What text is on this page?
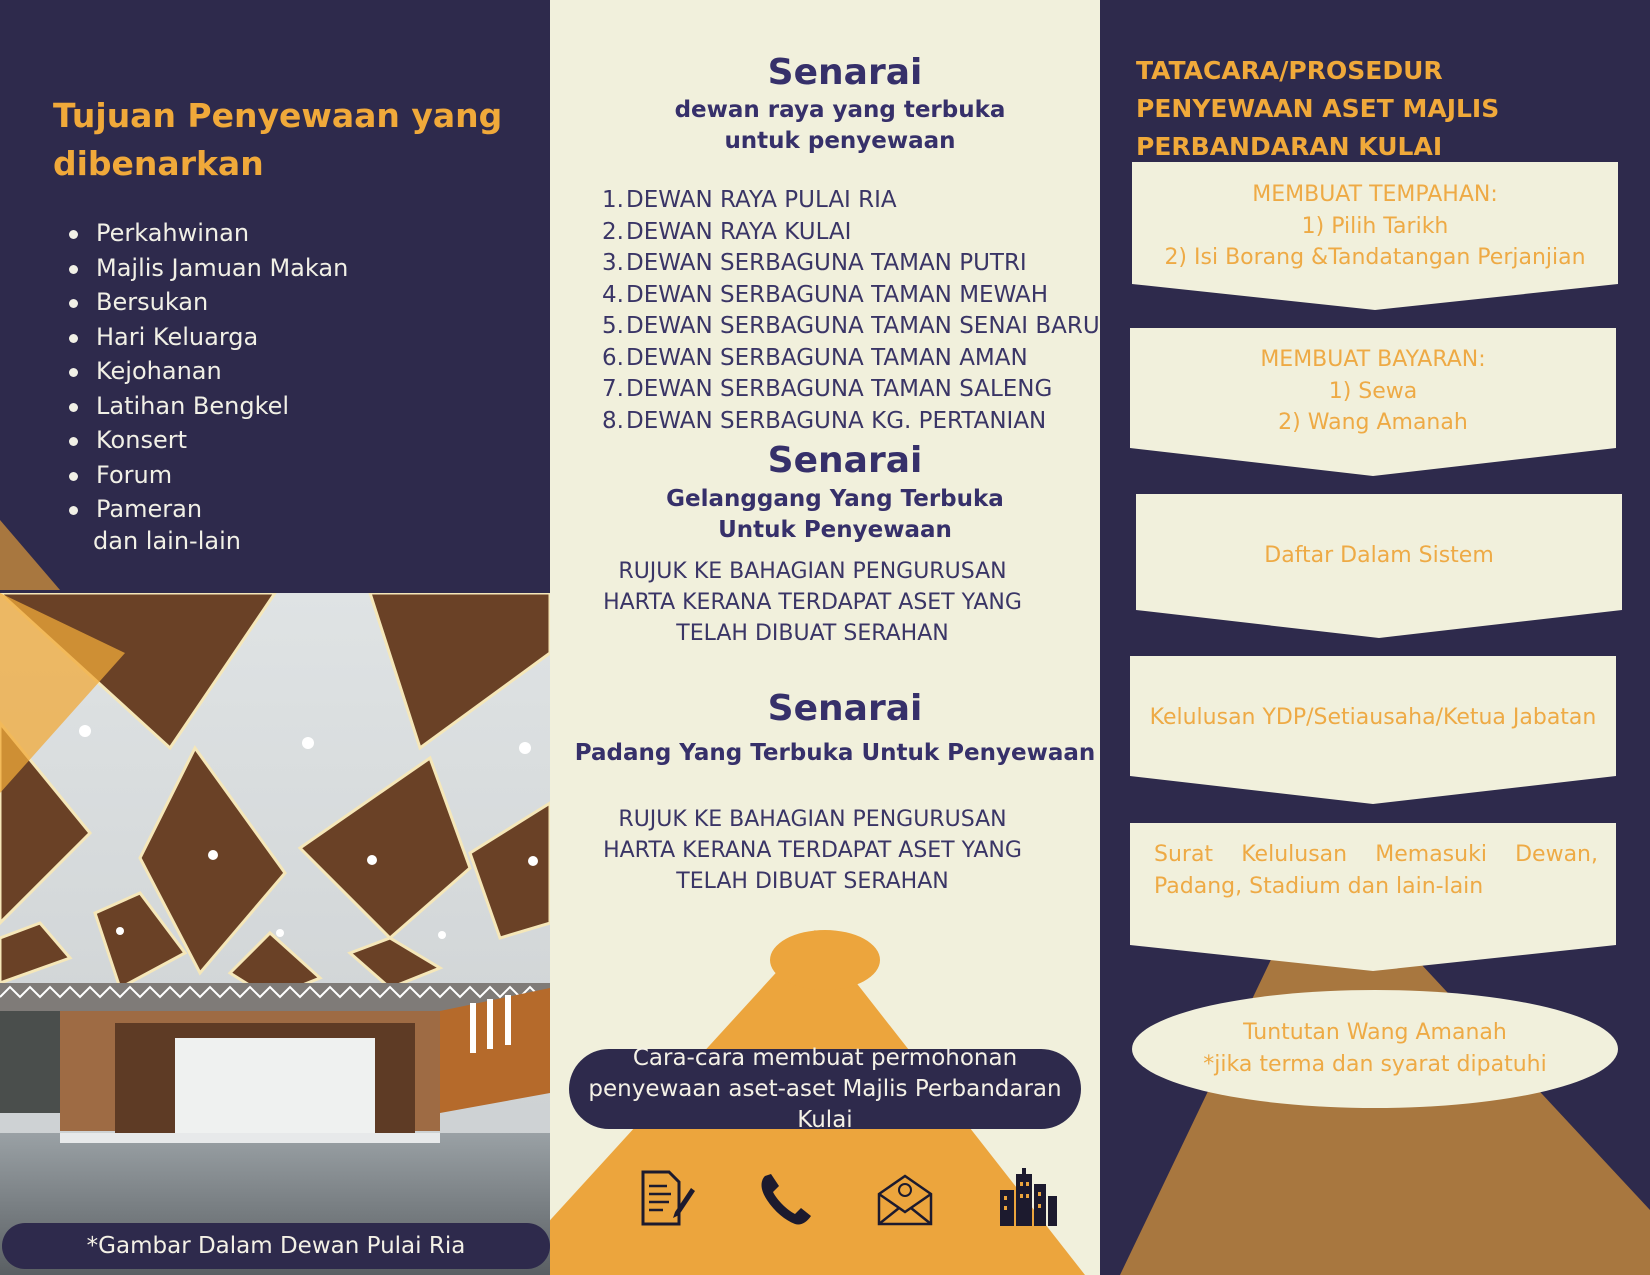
Tujuan Penyewaan yang dibenarkan
Perkahwinan
Majlis Jamuan Makan
Bersukan
Hari Keluarga
Kejohanan
Latihan Bengkel
Konsert
Forum
Pameran
dan lain-lain
*Gambar Dalam Dewan Pulai Ria
Senarai
dewan raya yang terbuka untuk penyewaan
1.DEWAN RAYA PULAI RIA
2.DEWAN RAYA KULAI
3.DEWAN SERBAGUNA TAMAN PUTRI
4.DEWAN SERBAGUNA TAMAN MEWAH
5.DEWAN SERBAGUNA TAMAN SENAI BARU
6.DEWAN SERBAGUNA TAMAN AMAN
7.DEWAN SERBAGUNA TAMAN SALENG
8.DEWAN SERBAGUNA KG. PERTANIAN
Senarai
Gelanggang Yang Terbuka Untuk Penyewaan
RUJUK KE BAHAGIAN PENGURUSAN HARTA KERANA TERDAPAT ASET YANG TELAH DIBUAT SERAHAN
Senarai
Padang Yang Terbuka Untuk Penyewaan
RUJUK KE BAHAGIAN PENGURUSAN HARTA KERANA TERDAPAT ASET YANG TELAH DIBUAT SERAHAN
Cara-cara membuat permohonan penyewaan aset-aset Majlis Perbandaran Kulai
TATACARA/PROSEDUR PENYEWAAN ASET MAJLIS PERBANDARAN KULAI
MEMBUAT TEMPAHAN:
1) Pilih Tarikh
2) Isi Borang &Tandatangan Perjanjian
MEMBUAT BAYARAN:
1) Sewa
2) Wang Amanah
Daftar Dalam Sistem
Kelulusan YDP/Setiausaha/Ketua Jabatan
Surat Kelulusan Memasuki Dewan, Padang, Stadium dan lain-lain
Tuntutan Wang Amanah
*jika terma dan syarat dipatuhi
